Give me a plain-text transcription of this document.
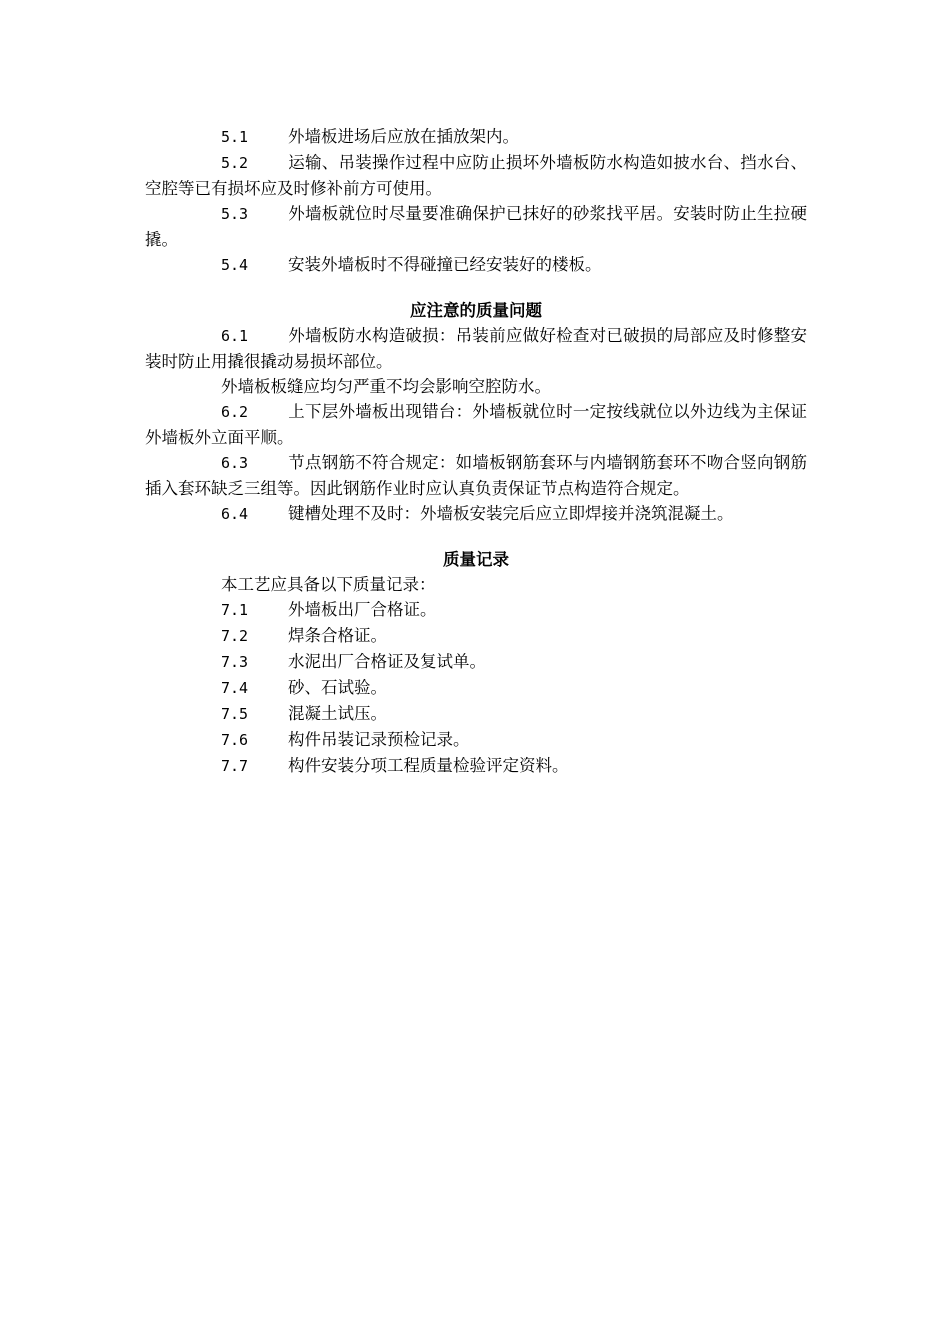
5.1 外墙板进场后应放在插放架内。

5.2 运输、吊装操作过程中应防止损坏外墙板防水构造如披水台、挡水台、空腔等已有损坏应及时修补前方可使用。

5.3 外墙板就位时尽量要准确保护已抹好的砂浆找平居。安装时防止生拉硬撬。

5.4 安装外墙板时不得碰撞已经安装好的楼板。

应注意的质量问题

6.1 外墙板防水构造破损：吊装前应做好检查对已破损的局部应及时修整安装时防止用撬很撬动易损坏部位。

外墙板板缝应均匀严重不均会影响空腔防水。

6.2 上下层外墙板出现错台：外墙板就位时一定按线就位以外边线为主保证外墙板外立面平顺。

6.3 节点钢筋不符合规定：如墙板钢筋套环与内墙钢筋套环不吻合竖向钢筋插入套环缺乏三组等。因此钢筋作业时应认真负责保证节点构造符合规定。

6.4 键槽处理不及时：外墙板安装完后应立即焊接并浇筑混凝土。

质量记录

本工艺应具备以下质量记录：

7.1 外墙板出厂合格证。

7.2 焊条合格证。

7.3 水泥出厂合格证及复试单。

7.4 砂、石试验。

7.5 混凝土试压。

7.6 构件吊装记录预检记录。

7.7 构件安装分项工程质量检验评定资料。
